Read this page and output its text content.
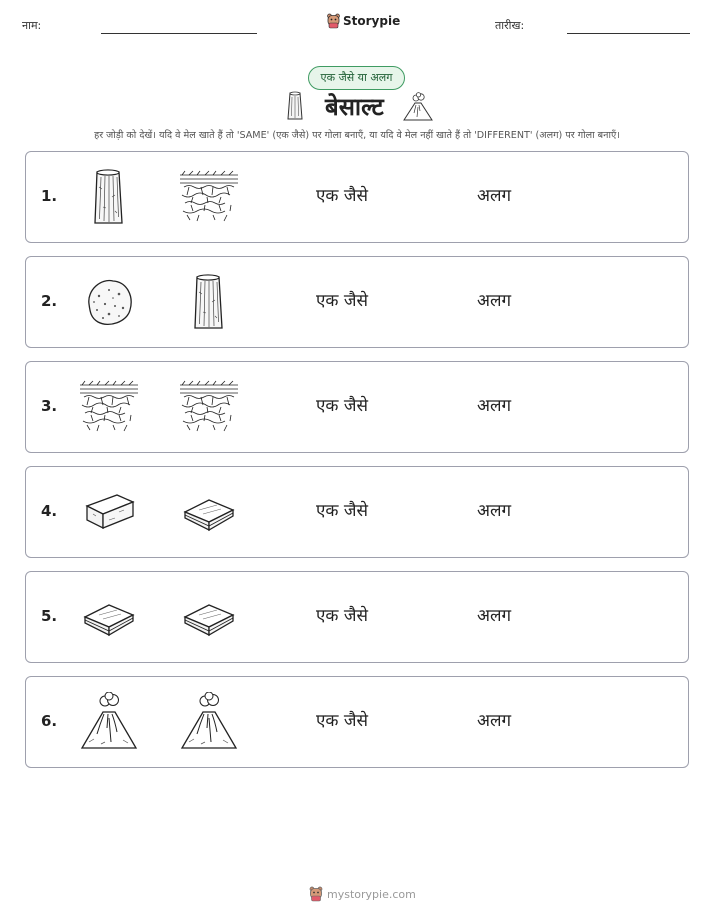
नाम:	Storypie	तारीख:
एक जैसे या अलग
बेसाल्ट
हर जोड़ी को देखें। यदि वे मेल खाते हैं तो 'SAME' (एक जैसे) पर गोला बनाएँ, या यदि वे मेल नहीं खाते हैं तो 'DIFFERENT' (अलग) पर गोला बनाएँ।
1.	एक जैसे	अलग
2.	एक जैसे	अलग
3.	एक जैसे	अलग
4.	एक जैसे	अलग
5.	एक जैसे	अलग
6.	एक जैसे	अलग
mystorypie.com
